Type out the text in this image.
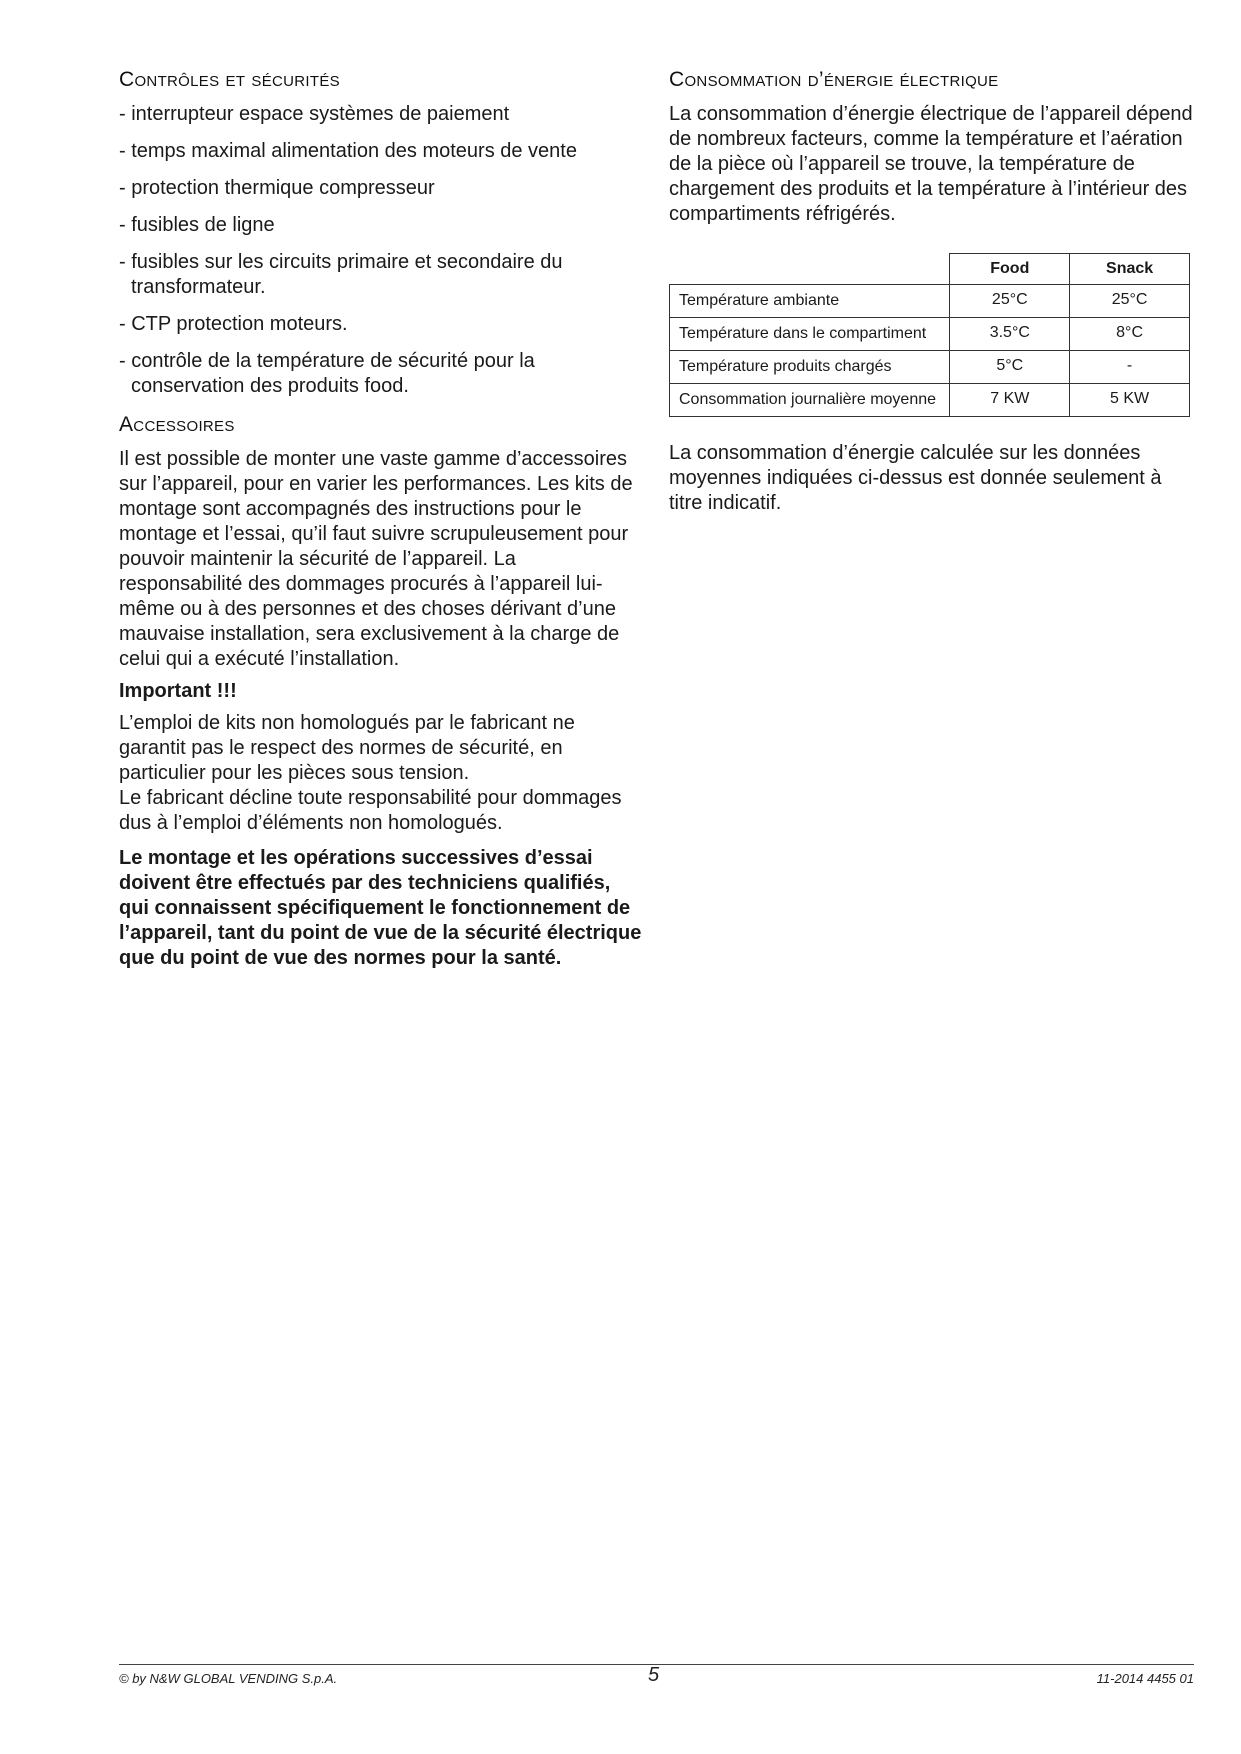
Contrôles et sécurités
- interrupteur espace systèmes de paiement
- temps maximal alimentation des moteurs de vente
- protection thermique compresseur
- fusibles de ligne
- fusibles sur les circuits primaire et secondaire du transformateur.
- CTP protection moteurs.
- contrôle de la température de sécurité pour la conservation des produits food.
Accessoires

Il est possible de monter une vaste gamme d’accessoires sur l’appareil, pour en varier les performances. Les kits de montage sont accompagnés des instructions pour le montage et l’essai, qu’il faut suivre scrupuleusement pour pouvoir maintenir la sécurité de l’appareil. La responsabilité des dommages procurés à l’appareil lui-même ou à des personnes et des choses dérivant d’une mauvaise installation, sera exclusivement à la charge de celui qui a exécuté l’installation.

Important !!!

L’emploi de kits non homologués par le fabricant ne garantit pas le respect des normes de sécurité, en particulier pour les pièces sous tension.

Le fabricant décline toute responsabilité pour dommages dus à l’emploi d’éléments non homologués.

Le montage et les opérations successives d’essai doivent être effectués par des techniciens qualifiés, qui connaissent spécifiquement le fonctionnement de l’appareil, tant du point de vue de la sécurité électrique que du point de vue des normes pour la santé.

Consommation d’énergie électrique

La consommation d’énergie électrique de l’appareil dépend de nombreux facteurs, comme la température et l’aération de la pièce où l’appareil se trouve, la température de chargement des produits et la température à l’intérieur des compartiments réfrigérés.

	Food	Snack
Température ambiante	25°C	25°C
Température dans le compartiment	3.5°C	8°C
Température produits chargés	5°C	-
Consommation journalière moyenne	7 KW	5 KW

La consommation d’énergie calculée sur les données moyennes indiquées ci-dessus est donnée seulement à titre indicatif.

© by N&W GLOBAL VENDING S.p.A.	5	11-2014 4455 01
